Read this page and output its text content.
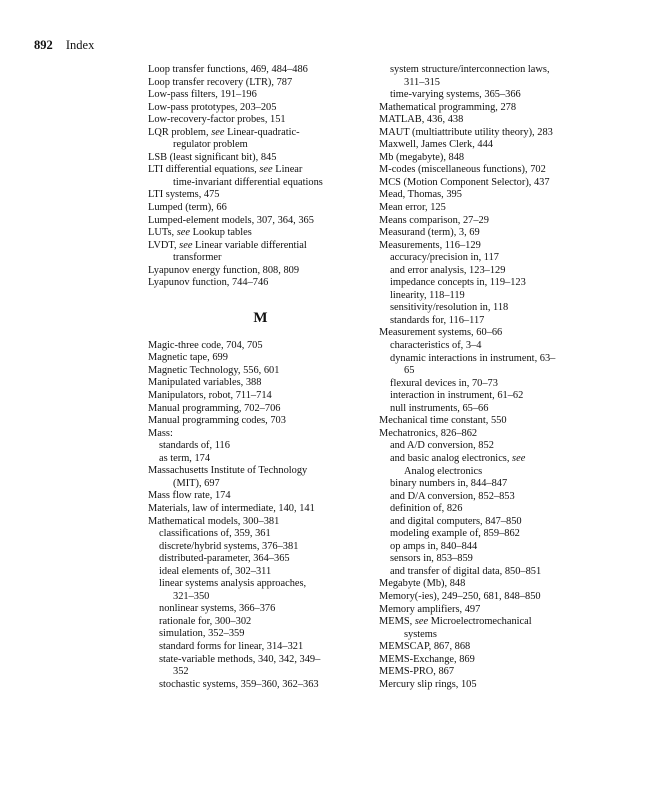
892 Index
Loop transfer functions, 469, 484–486
Loop transfer recovery (LTR), 787
Low-pass filters, 191–196
Low-pass prototypes, 203–205
Low-recovery-factor probes, 151
LQR problem, see Linear-quadratic-
regulator problem
LSB (least significant bit), 845
LTI differential equations, see Linear
time-invariant differential equations
LTI systems, 475
Lumped (term), 66
Lumped-element models, 307, 364, 365
LUTs, see Lookup tables
LVDT, see Linear variable differential
transformer
Lyapunov energy function, 808, 809
Lyapunov function, 744–746
M
Magic-three code, 704, 705
Magnetic tape, 699
Magnetic Technology, 556, 601
Manipulated variables, 388
Manipulators, robot, 711–714
Manual programming, 702–706
Manual programming codes, 703
Mass:
standards of, 116
as term, 174
Massachusetts Institute of Technology
(MIT), 697
Mass flow rate, 174
Materials, law of intermediate, 140, 141
Mathematical models, 300–381
classifications of, 359, 361
discrete/hybrid systems, 376–381
distributed-parameter, 364–365
ideal elements of, 302–311
linear systems analysis approaches,
321–350
nonlinear systems, 366–376
rationale for, 300–302
simulation, 352–359
standard forms for linear, 314–321
state-variable methods, 340, 342, 349–
352
stochastic systems, 359–360, 362–363
system structure/interconnection laws,
311–315
time-varying systems, 365–366
Mathematical programming, 278
MATLAB, 436, 438
MAUT (multiattribute utility theory), 283
Maxwell, James Clerk, 444
Mb (megabyte), 848
M-codes (miscellaneous functions), 702
MCS (Motion Component Selector), 437
Mead, Thomas, 395
Mean error, 125
Means comparison, 27–29
Measurand (term), 3, 69
Measurements, 116–129
accuracy/precision in, 117
and error analysis, 123–129
impedance concepts in, 119–123
linearity, 118–119
sensitivity/resolution in, 118
standards for, 116–117
Measurement systems, 60–66
characteristics of, 3–4
dynamic interactions in instrument, 63–
65
flexural devices in, 70–73
interaction in instrument, 61–62
null instruments, 65–66
Mechanical time constant, 550
Mechatronics, 826–862
and A/D conversion, 852
and basic analog electronics, see
Analog electronics
binary numbers in, 844–847
and D/A conversion, 852–853
definition of, 826
and digital computers, 847–850
modeling example of, 859–862
op amps in, 840–844
sensors in, 853–859
and transfer of digital data, 850–851
Megabyte (Mb), 848
Memory(-ies), 249–250, 681, 848–850
Memory amplifiers, 497
MEMS, see Microelectromechanical
systems
MEMSCAP, 867, 868
MEMS-Exchange, 869
MEMS-PRO, 867
Mercury slip rings, 105
